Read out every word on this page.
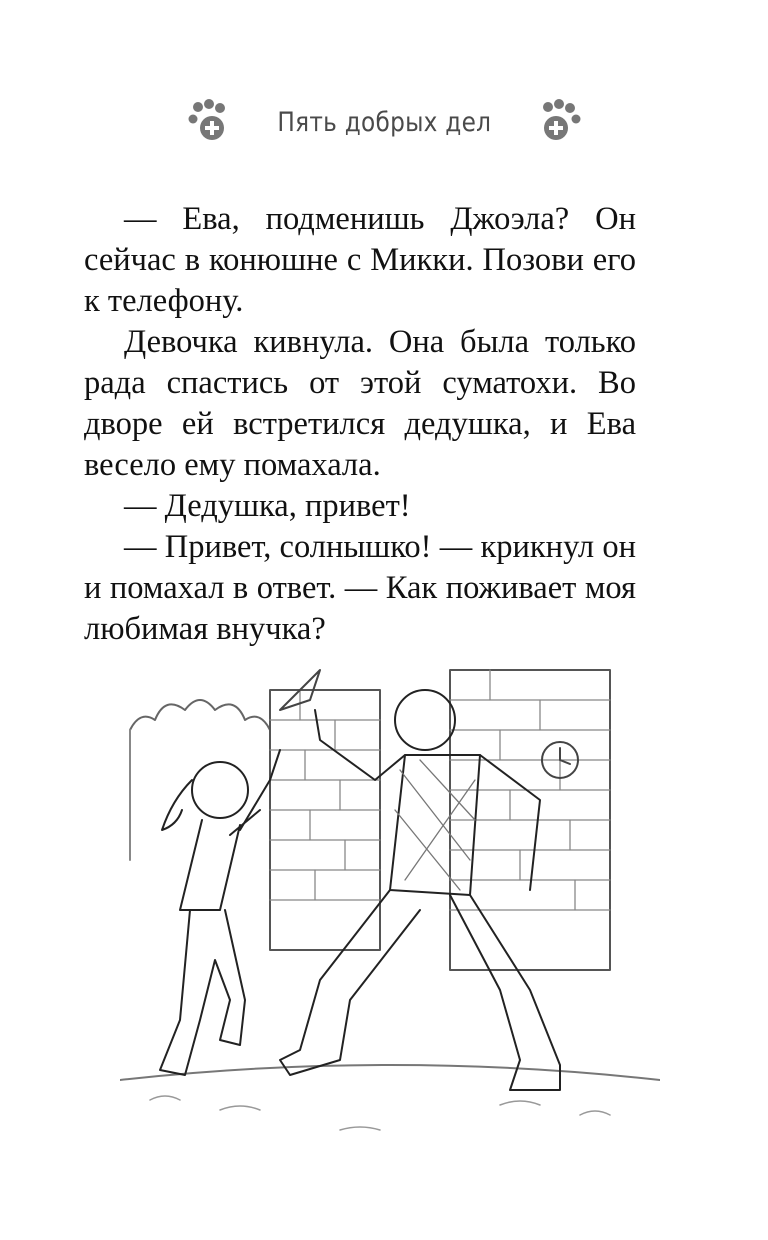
Пять добрых дел

— Ева, подменишь Джоэла? Он сейчас в конюшне с Микки. Позови его к телефону.

Девочка кивнула. Она была только рада спастись от этой суматохи. Во дворе ей встретился дедушка, и Ева весело ему помахала.

— Дедушка, привет!

— Привет, солнышко! — крикнул он и помахал в ответ. — Как поживает моя любимая внучка?
